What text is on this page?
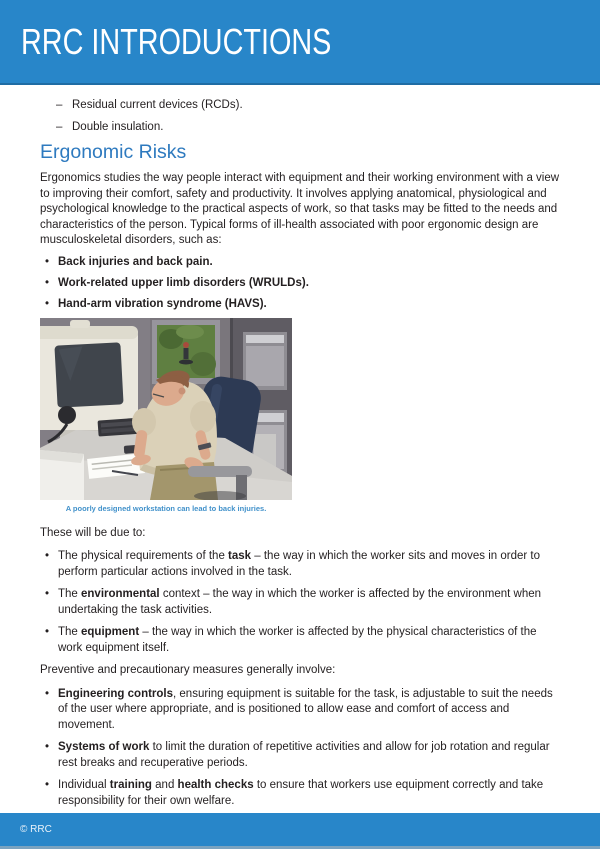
RRC INTRODUCTIONS
– Residual current devices (RCDs).
– Double insulation.
Ergonomic Risks

Ergonomics studies the way people interact with equipment and their working environment with a view to improving their comfort, safety and productivity. It involves applying anatomical, physiological and psychological knowledge to the practical aspects of work, so that tasks may be fitted to the needs and characteristics of the person. Typical forms of ill-health associated with poor ergonomic design are musculoskeletal disorders, such as:

• Back injuries and back pain.
• Work-related upper limb disorders (WRULDs).
• Hand-arm vibration syndrome (HAVS).
A poorly designed workstation can lead to back injuries.

These will be due to:

• The physical requirements of the task – the way in which the worker sits and moves in order to perform particular actions involved in the task.
• The environmental context – the way in which the worker is affected by the environment when undertaking the task activities.
• The equipment – the way in which the worker is affected by the physical characteristics of the work equipment itself.

Preventive and precautionary measures generally involve:

• Engineering controls, ensuring equipment is suitable for the task, is adjustable to suit the needs of the user where appropriate, and is positioned to allow ease and comfort of access and movement.
• Systems of work to limit the duration of repetitive activities and allow for job rotation and regular rest breaks and recuperative periods.
• Individual training and health checks to ensure that workers use equipment correctly and take responsibility for their own welfare.
© RRC
